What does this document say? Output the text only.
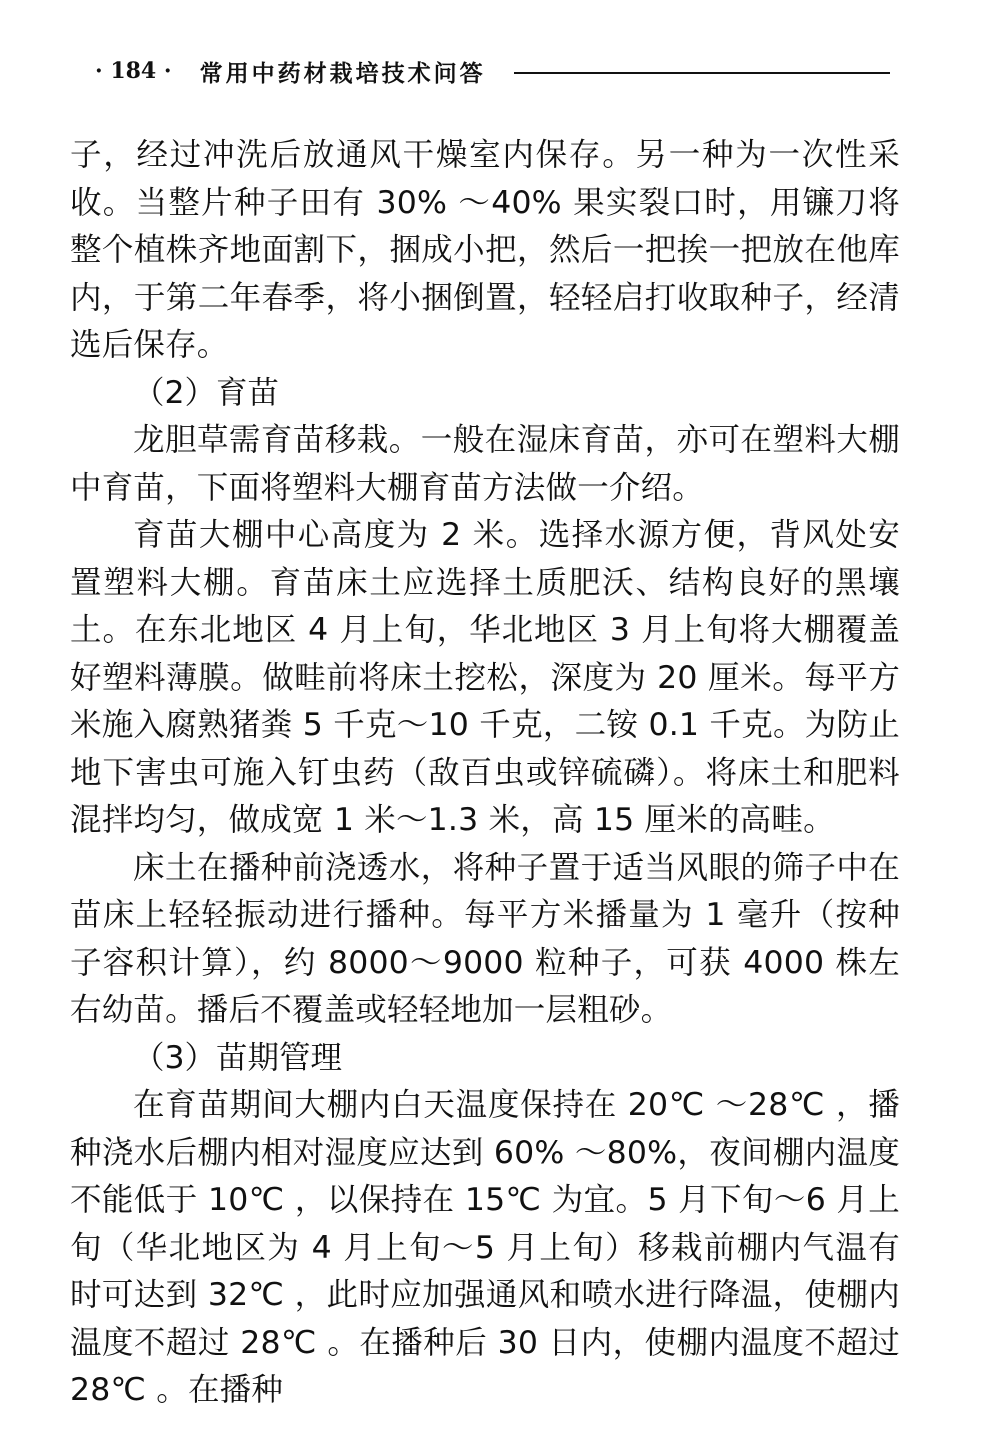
· 184 · 常用中药材栽培技术问答

子，经过冲洗后放通风干燥室内保存。另一种为一次性采收。当整片种子田有 30% ～40% 果实裂口时，用镰刀将整个植株齐地面割下，捆成小把，然后一把挨一把放在他库内，于第二年春季，将小捆倒置，轻轻启打收取种子，经清选后保存。

（2）育苗

龙胆草需育苗移栽。一般在湿床育苗，亦可在塑料大棚中育苗，下面将塑料大棚育苗方法做一介绍。

育苗大棚中心高度为 2 米。选择水源方便，背风处安置塑料大棚。育苗床土应选择土质肥沃、结构良好的黑壤土。在东北地区 4 月上旬，华北地区 3 月上旬将大棚覆盖好塑料薄膜。做畦前将床土挖松，深度为 20 厘米。每平方米施入腐熟猪粪 5 千克～10 千克，二铵 0.1 千克。为防止地下害虫可施入钉虫药（敌百虫或锌硫磷）。将床土和肥料混拌均匀，做成宽 1 米～1.3 米，高 15 厘米的高畦。

床土在播种前浇透水，将种子置于适当风眼的筛子中在苗床上轻轻振动进行播种。每平方米播量为 1 毫升（按种子容积计算），约 8000～9000 粒种子，可获 4000 株左右幼苗。播后不覆盖或轻轻地加一层粗砂。

（3）苗期管理

在育苗期间大棚内白天温度保持在 20℃ ～28℃ ，播种浇水后棚内相对湿度应达到 60% ～80%，夜间棚内温度不能低于 10℃ ，以保持在 15℃ 为宜。5 月下旬～6 月上旬（华北地区为 4 月上旬～5 月上旬）移栽前棚内气温有时可达到 32℃ ，此时应加强通风和喷水进行降温，使棚内温度不超过 28℃ 。在播种后 30 日内，使棚内温度不超过 28℃ 。在播种
